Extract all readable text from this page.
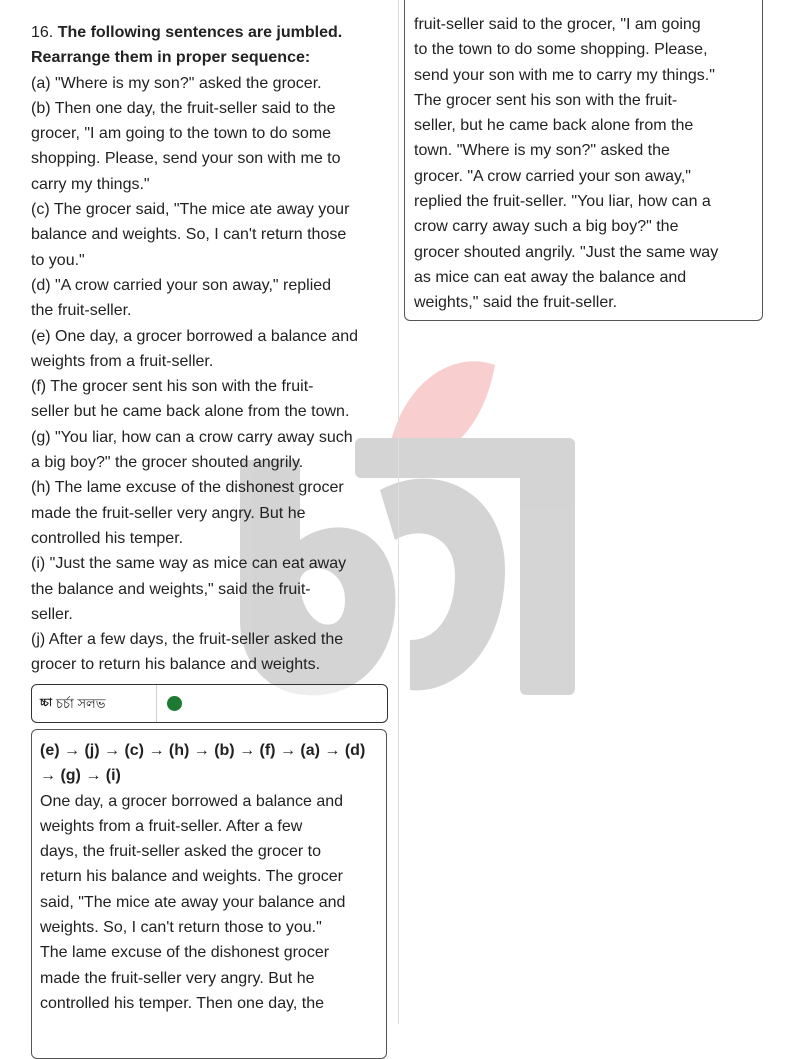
16. The following sentences are jumbled.
Rearrange them in proper sequence:
(a) "Where is my son?" asked the grocer.
(b) Then one day, the fruit-seller said to the
grocer, "I am going to the town to do some
shopping. Please, send your son with me to
carry my things."
(c) The grocer said, "The mice ate away your
balance and weights. So, I can't return those
to you."
(d) "A crow carried your son away," replied
the fruit-seller.
(e) One day, a grocer borrowed a balance and
weights from a fruit-seller.
(f) The grocer sent his son with the fruit-
seller but he came back alone from the town.
(g) "You liar, how can a crow carry away such
a big boy?" the grocer shouted angrily.
(h) The lame excuse of the dishonest grocer
made the fruit-seller very angry. But he
controlled his temper.
(i) "Just the same way as mice can eat away
the balance and weights," said the fruit-
seller.
(j) After a few days, the fruit-seller asked the
grocer to return his balance and weights.
চ্চা চর্চা সলভ
(e) → (j) → (c) → (h) → (b) → (f) → (a) → (d)
→ (g) → (i)
One day, a grocer borrowed a balance and
weights from a fruit-seller. After a few
days, the fruit-seller asked the grocer to
return his balance and weights. The grocer
said, "The mice ate away your balance and
weights. So, I can't return those to you."
The lame excuse of the dishonest grocer
made the fruit-seller very angry. But he
controlled his temper. Then one day, the
fruit-seller said to the grocer, "I am going
to the town to do some shopping. Please,
send your son with me to carry my things."
The grocer sent his son with the fruit-
seller, but he came back alone from the
town. "Where is my son?" asked the
grocer. "A crow carried your son away,"
replied the fruit-seller. "You liar, how can a
crow carry away such a big boy?" the
grocer shouted angrily. "Just the same way
as mice can eat away the balance and
weights," said the fruit-seller.
